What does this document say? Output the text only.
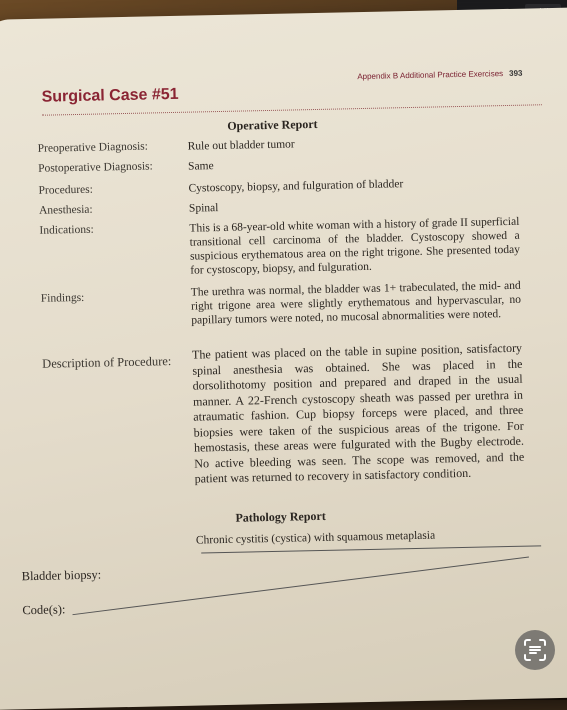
Appendix B Additional Practice Exercises 393
Surgical Case #51
Operative Report
Preoperative Diagnosis:	Rule out bladder tumor
Postoperative Diagnosis:	Same
Procedures:	Cystoscopy, biopsy, and fulguration of bladder
Anesthesia:	Spinal
Indications:	This is a 68-year-old white woman with a history of grade II superficial transitional cell carcinoma of the bladder. Cystoscopy showed a suspicious erythematous area on the right trigone. She presented today for cystoscopy, biopsy, and fulguration.
Findings:	The urethra was normal, the bladder was 1+ trabeculated, the mid- and right trigone area were slightly erythematous and hypervascular, no papillary tumors were noted, no mucosal abnormalities were noted.
Description of Procedure:
The patient was placed on the table in supine position, satisfactory spinal anesthesia was obtained. She was placed in the dorsolithotomy position and prepared and draped in the usual manner. A 22-French cystoscopy sheath was passed per urethra in atraumatic fashion. Cup biopsy forceps were placed, and three biopsies were taken of the suspicious areas of the trigone. For hemostasis, these areas were fulgurated with the Bugby electrode. No active bleeding was seen. The scope was removed, and the patient was returned to recovery in satisfactory condition.
Pathology Report
Chronic cystitis (cystica) with squamous metaplasia
Bladder biopsy:
Code(s):
